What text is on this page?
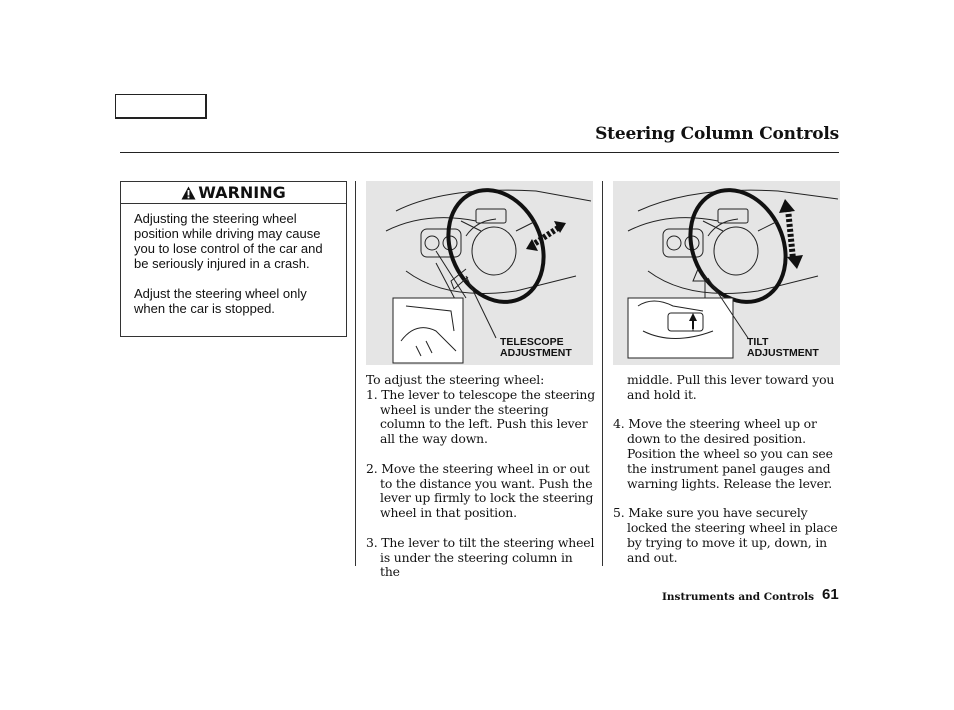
Steering Column Controls
WARNING

Adjusting the steering wheel position while driving may cause you to lose control of the car and be seriously injured in a crash.

Adjust the steering wheel only when the car is stopped.

TELESCOPE
ADJUSTMENT
TILT
ADJUSTMENT
To adjust the steering wheel:
1. The lever to telescope the steering wheel is under the steering column to the left. Push this lever all the way down.
2. Move the steering wheel in or out to the distance you want. Push the lever up firmly to lock the steering wheel in that position.
3. The lever to tilt the steering wheel is under the steering column in the
middle. Pull this lever toward you and hold it.
4. Move the steering wheel up or down to the desired position. Position the wheel so you can see the instrument panel gauges and warning lights. Release the lever.
5. Make sure you have securely locked the steering wheel in place by trying to move it up, down, in and out.
Instruments and Controls 61
